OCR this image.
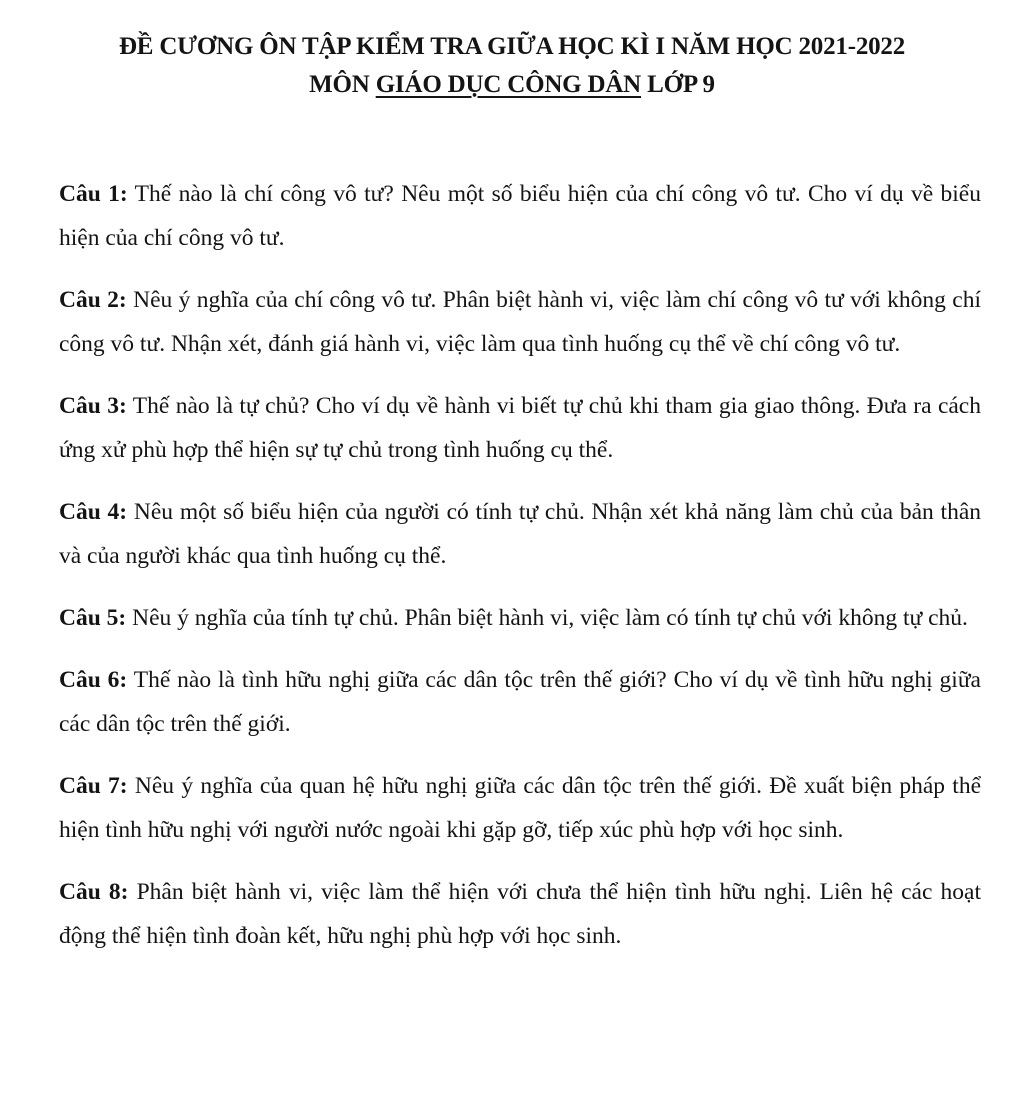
ĐỀ CƯƠNG ÔN TẬP KIỂM TRA GIỮA HỌC KÌ I NĂM HỌC 2021-2022

MÔN GIÁO DỤC CÔNG DÂN LỚP 9

Câu 1: Thế nào là chí công vô tư? Nêu một số biểu hiện của chí công vô tư. Cho ví dụ về biểu hiện của chí công vô tư.

Câu 2: Nêu ý nghĩa của chí công vô tư. Phân biệt hành vi, việc làm chí công vô tư với không chí công vô tư. Nhận xét, đánh giá hành vi, việc làm qua tình huống cụ thể về chí công vô tư.

Câu 3: Thế nào là tự chủ? Cho ví dụ về hành vi biết tự chủ khi tham gia giao thông. Đưa ra cách ứng xử phù hợp thể hiện sự tự chủ trong tình huống cụ thể.

Câu 4: Nêu một số biểu hiện của người có tính tự chủ. Nhận xét khả năng làm chủ của bản thân và của người khác qua tình huống cụ thể.

Câu 5: Nêu ý nghĩa của tính tự chủ. Phân biệt hành vi, việc làm có tính tự chủ với không tự chủ.

Câu 6: Thế nào là tình hữu nghị giữa các dân tộc trên thế giới? Cho ví dụ về tình hữu nghị giữa các dân tộc trên thế giới.

Câu 7: Nêu ý nghĩa của quan hệ hữu nghị giữa các dân tộc trên thế giới. Đề xuất biện pháp thể hiện tình hữu nghị với người nước ngoài khi gặp gỡ, tiếp xúc phù hợp với học sinh.

Câu 8: Phân biệt hành vi, việc làm thể hiện với chưa thể hiện tình hữu nghị. Liên hệ các hoạt động thể hiện tình đoàn kết, hữu nghị phù hợp với học sinh.
